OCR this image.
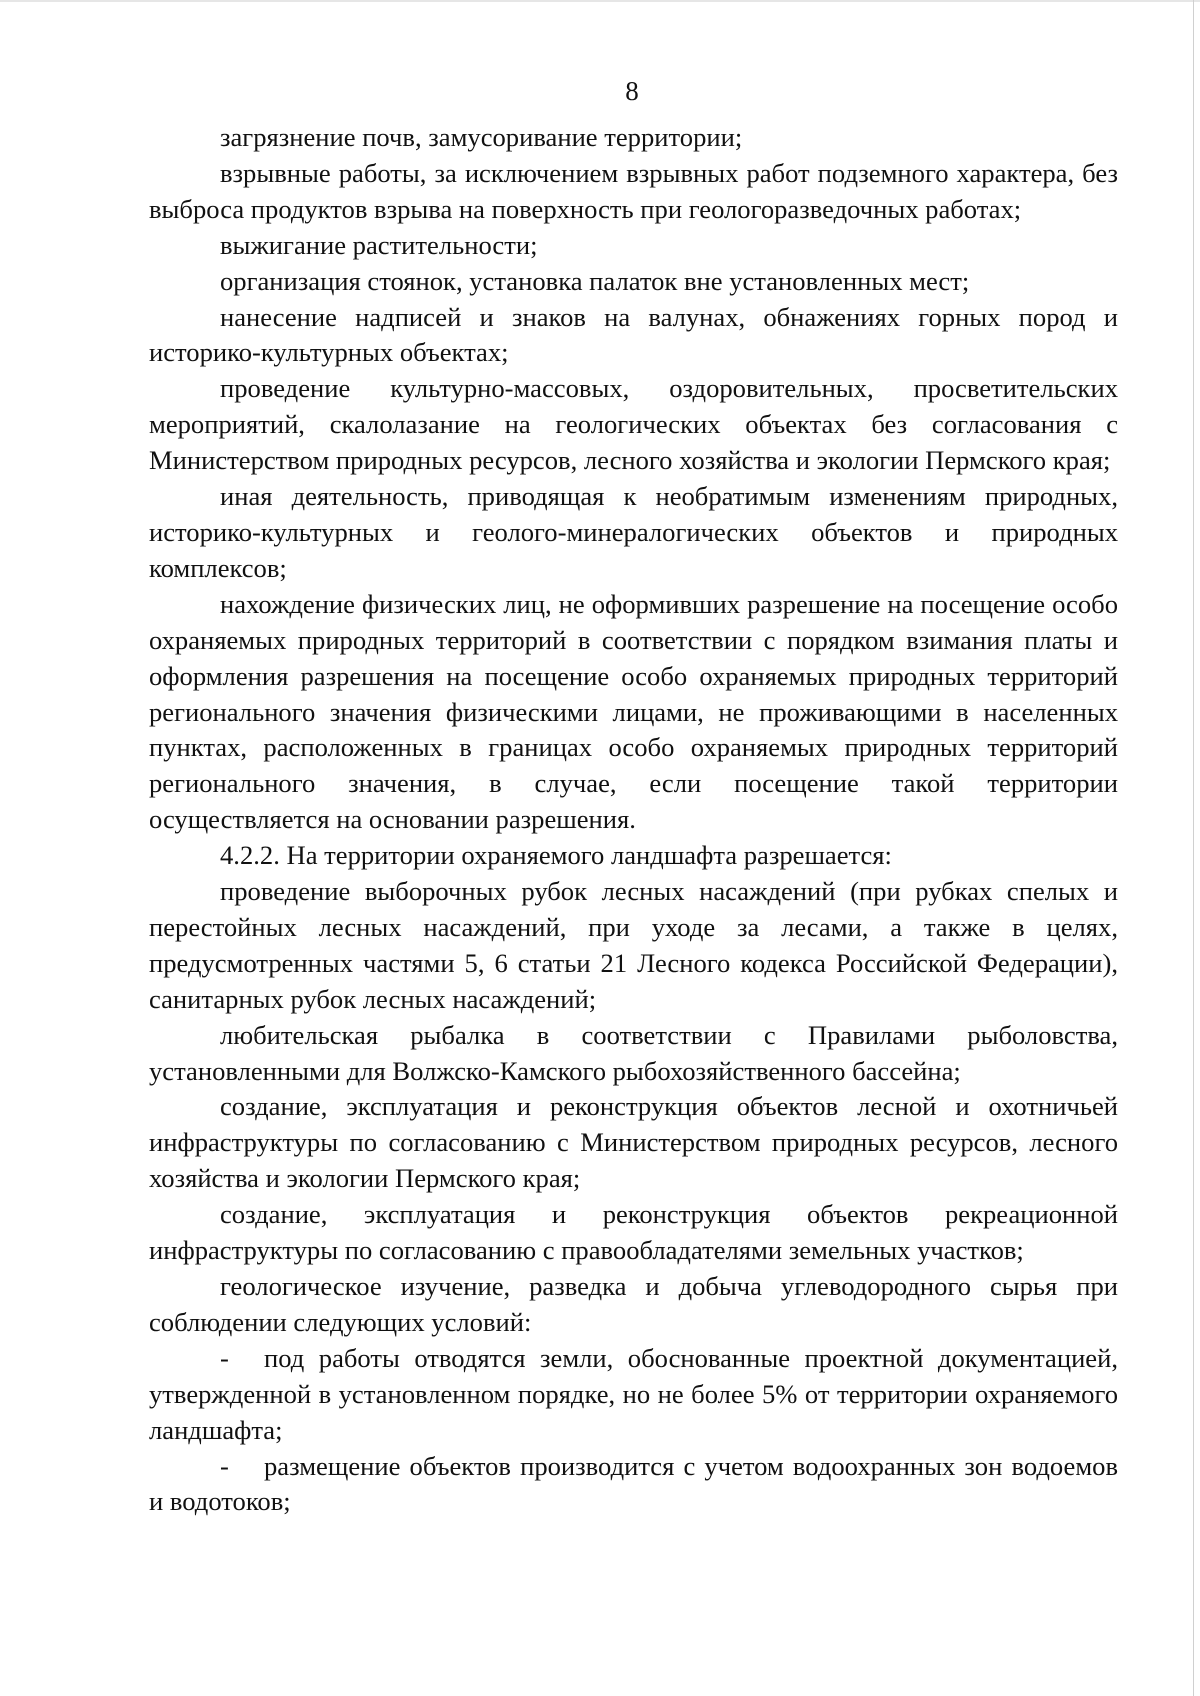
8

загрязнение почв, замусоривание территории;

взрывные работы, за исключением взрывных работ подземного характера, без выброса продуктов взрыва на поверхность при геологоразведочных работах;

выжигание растительности;

организация стоянок, установка палаток вне установленных мест;

нанесение надписей и знаков на валунах, обнажениях горных пород и историко-культурных объектах;

проведение культурно-массовых, оздоровительных, просветительских мероприятий, скалолазание на геологических объектах без согласования с Министерством природных ресурсов, лесного хозяйства и экологии Пермского края;

иная деятельность, приводящая к необратимым изменениям природных, историко-культурных и геолого-минералогических объектов и природных комплексов;

нахождение физических лиц, не оформивших разрешение на посещение особо охраняемых природных территорий в соответствии с порядком взимания платы и оформления разрешения на посещение особо охраняемых природных территорий регионального значения физическими лицами, не проживающими в населенных пунктах, расположенных в границах особо охраняемых природных территорий регионального значения, в случае, если посещение такой территории осуществляется на основании разрешения.

4.2.2. На территории охраняемого ландшафта разрешается:

проведение выборочных рубок лесных насаждений (при рубках спелых и перестойных лесных насаждений, при уходе за лесами, а также в целях, предусмотренных частями 5, 6 статьи 21 Лесного кодекса Российской Федерации), санитарных рубок лесных насаждений;

любительская рыбалка в соответствии с Правилами рыболовства, установленными для Волжско-Камского рыбохозяйственного бассейна;

создание, эксплуатация и реконструкция объектов лесной и охотничьей инфраструктуры по согласованию с Министерством природных ресурсов, лесного хозяйства и экологии Пермского края;

создание, эксплуатация и реконструкция объектов рекреационной инфраструктуры по согласованию с правообладателями земельных участков;

геологическое изучение, разведка и добыча углеводородного сырья при соблюдении следующих условий:

- под работы отводятся земли, обоснованные проектной документацией, утвержденной в установленном порядке, но не более 5% от территории охраняемого ландшафта;

- размещение объектов производится с учетом водоохранных зон водоемов и водотоков;
